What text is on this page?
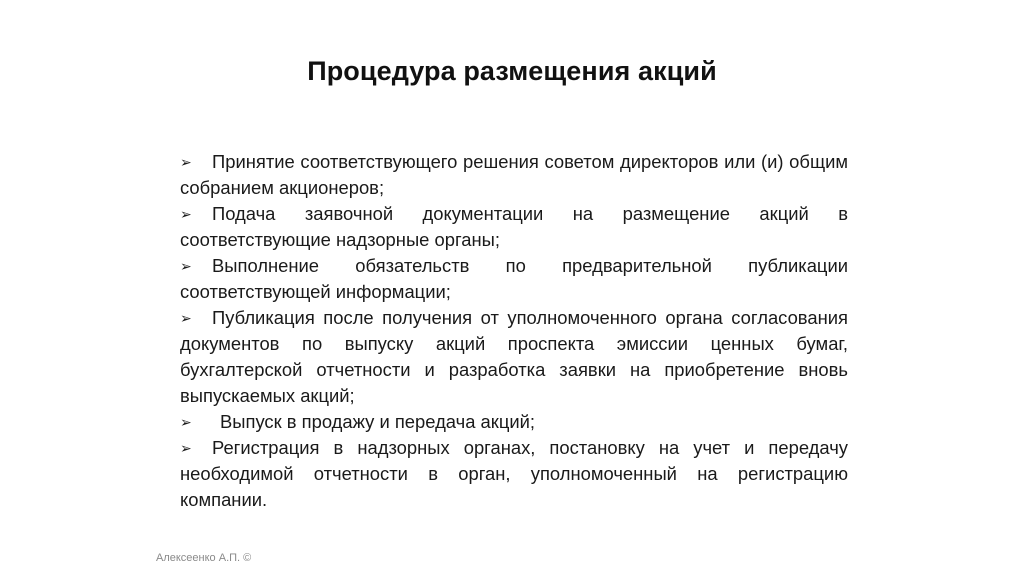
Процедура размещения акций

➢ Принятие соответствующего решения советом директоров или (и) общим собранием акционеров;

➢ Подача заявочной документации на размещение акций в соответствующие надзорные органы;

➢ Выполнение обязательств по предварительной публикации соответствующей информации;

➢ Публикация после получения от уполномоченного органа согласования документов по выпуску акций проспекта эмиссии ценных бумаг, бухгалтерской отчетности и разработка заявки на приобретение вновь выпускаемых акций;

➢ Выпуск в продажу и передача акций;

➢ Регистрация в надзорных органах, постановку на учет и передачу необходимой отчетности в орган, уполномоченный на регистрацию компании.

Алексеенко А.П. ©
